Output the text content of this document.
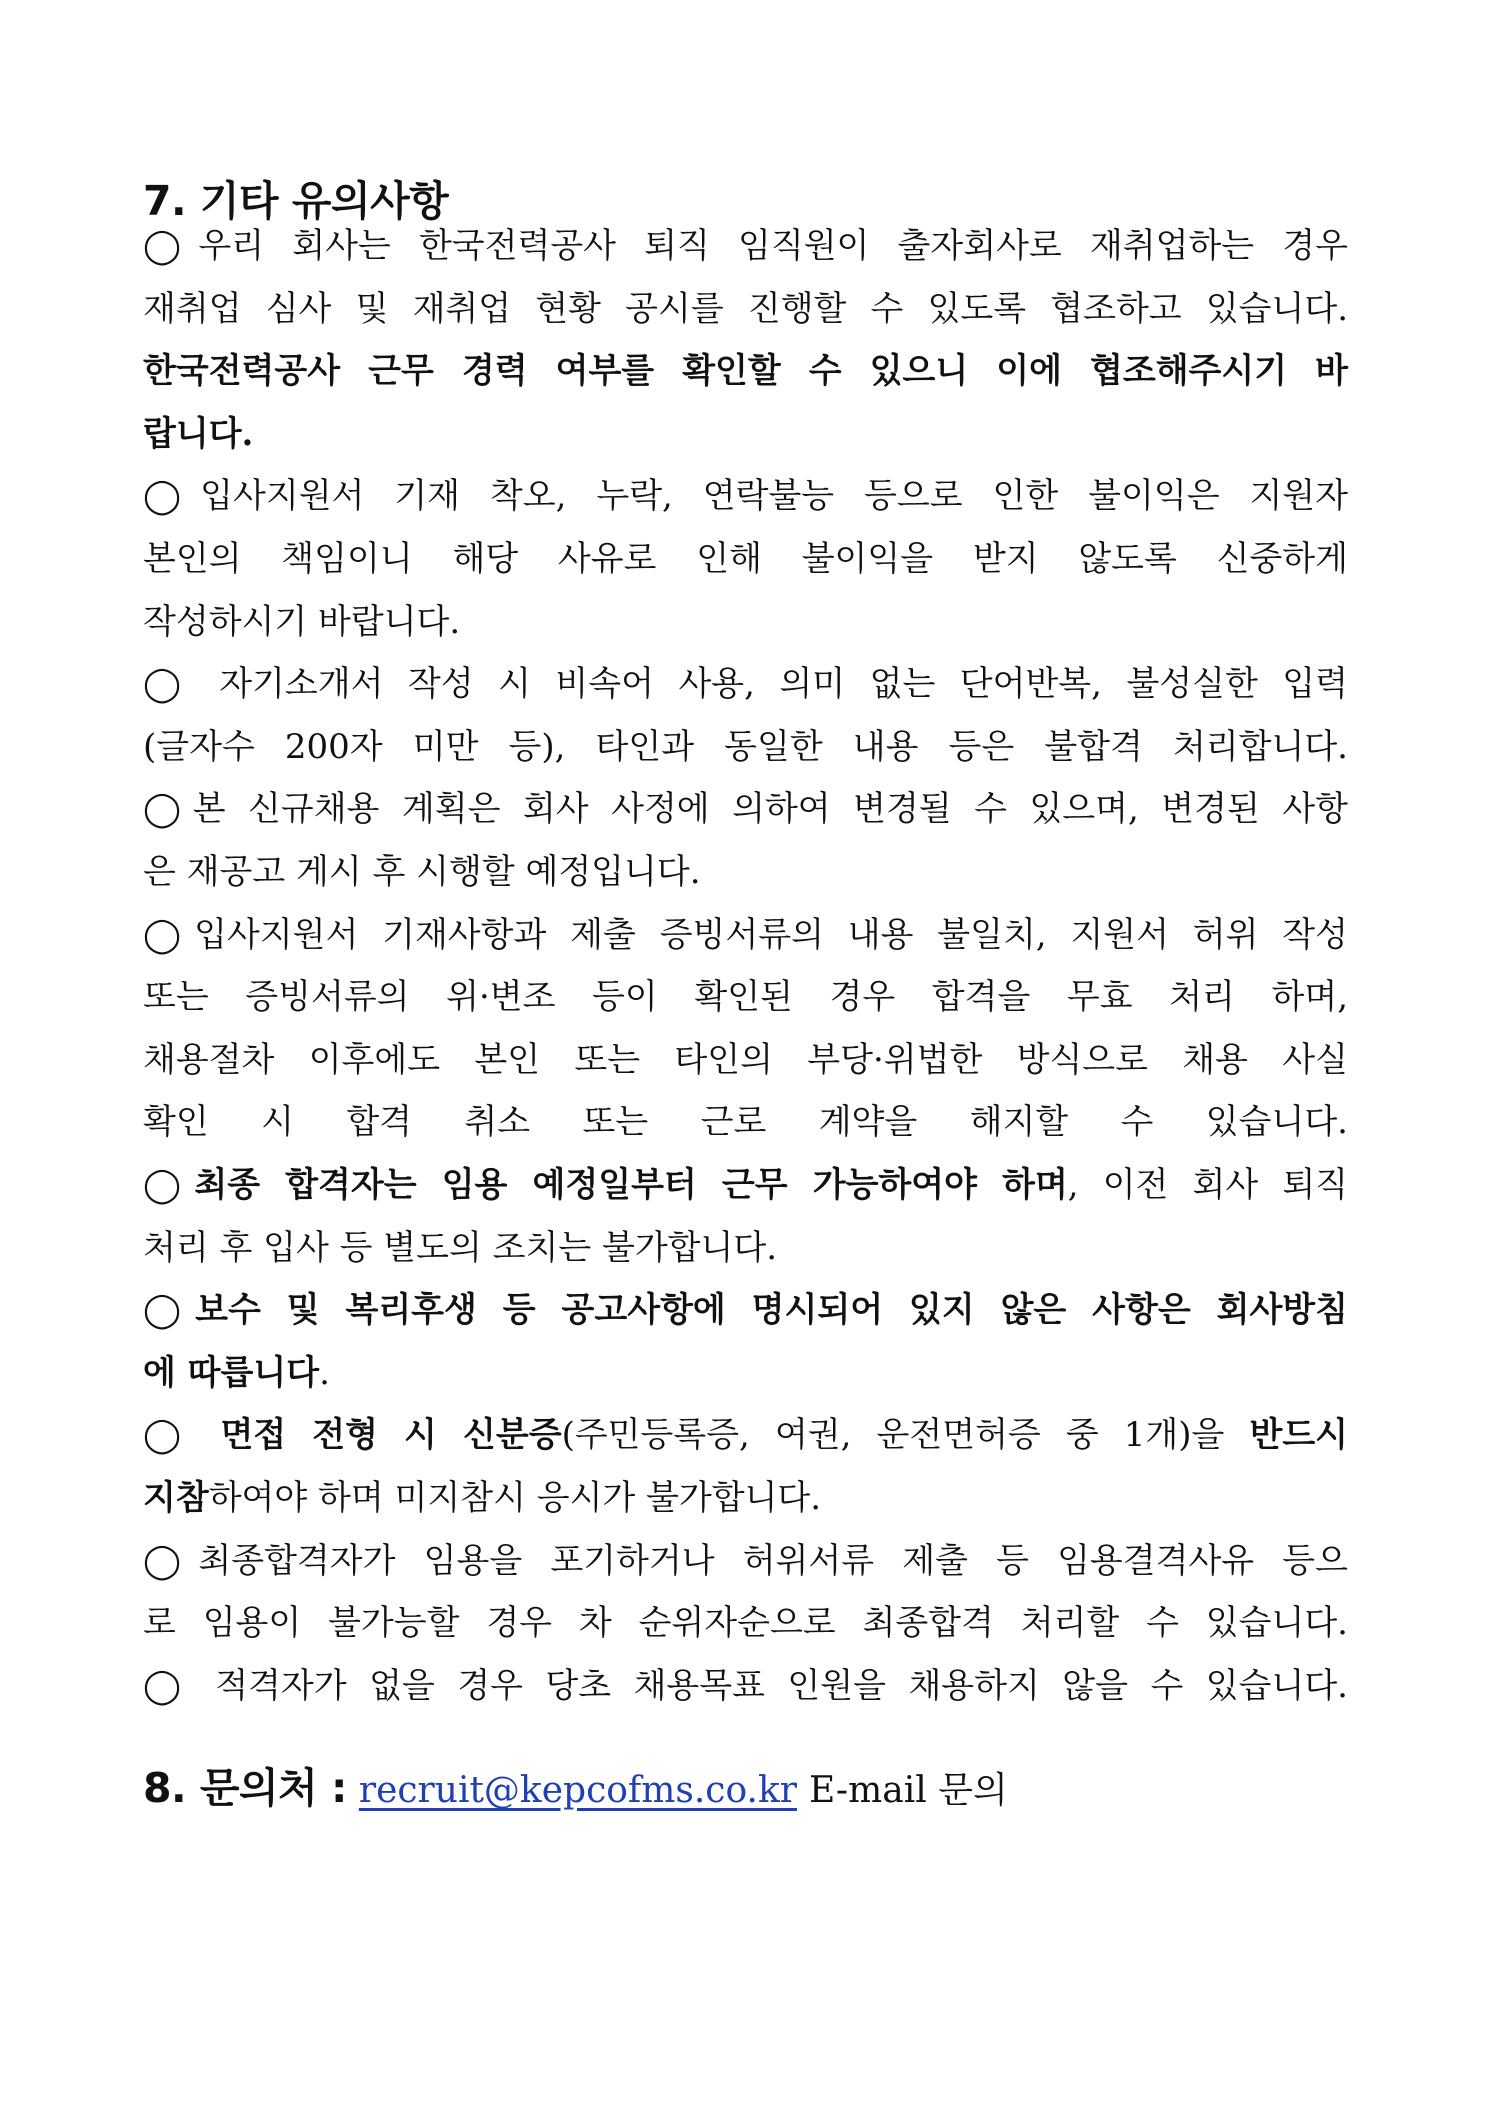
7. 기타 유의사항
◯우리 회사는 한국전력공사 퇴직 임직원이 출자회사로 재취업하는 경우
재취업 심사 및 재취업 현황 공시를 진행할 수 있도록 협조하고 있습니다.
한국전력공사 근무 경력 여부를 확인할 수 있으니 이에 협조해주시기 바
랍니다.
◯입사지원서 기재 착오, 누락, 연락불능 등으로 인한 불이익은 지원자
본인의 책임이니 해당 사유로 인해 불이익을 받지 않도록 신중하게
작성하시기 바랍니다.
◯ 자기소개서 작성 시 비속어 사용, 의미 없는 단어반복, 불성실한 입력
(글자수 200자 미만 등), 타인과 동일한 내용 등은 불합격 처리합니다.
◯본 신규채용 계획은 회사 사정에 의하여 변경될 수 있으며, 변경된 사항
은 재공고 게시 후 시행할 예정입니다.
◯입사지원서 기재사항과 제출 증빙서류의 내용 불일치, 지원서 허위 작성
또는 증빙서류의 위·변조 등이 확인된 경우 합격을 무효 처리 하며,
채용절차 이후에도 본인 또는 타인의 부당·위법한 방식으로 채용 사실
확인 시 합격 취소 또는 근로 계약을 해지할 수 있습니다.
◯최종 합격자는 임용 예정일부터 근무 가능하여야 하며, 이전 회사 퇴직
처리 후 입사 등 별도의 조치는 불가합니다.
◯보수 및 복리후생 등 공고사항에 명시되어 있지 않은 사항은 회사방침
에 따릅니다.
◯ 면접 전형 시 신분증(주민등록증, 여권, 운전면허증 중 1개)을 반드시
지참하여야 하며 미지참시 응시가 불가합니다.
◯최종합격자가 임용을 포기하거나 허위서류 제출 등 임용결격사유 등으
로 임용이 불가능할 경우 차 순위자순으로 최종합격 처리할 수 있습니다.
◯ 적격자가 없을 경우 당초 채용목표 인원을 채용하지 않을 수 있습니다.
8. 문의처 : recruit@kepcofms.co.kr E-mail 문의
